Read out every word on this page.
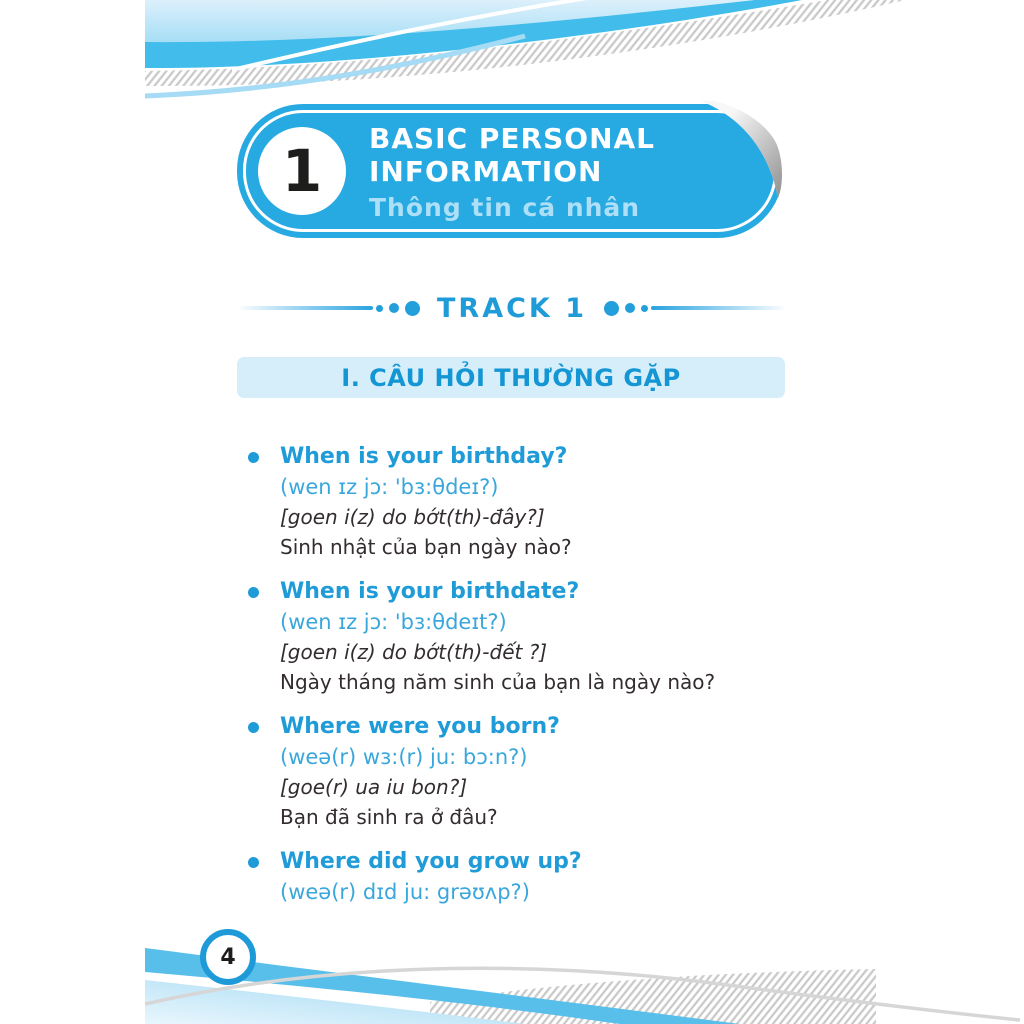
1 BASIC PERSONAL
INFORMATION
Thông tin cá nhân
TRACK 1
I. CÂU HỎI THƯỜNG GẶP
When is your birthday?
(wen ɪz jɔ: 'bɜ:θdeɪ?)
[goen i(z) do bớt(th)-đây?]
Sinh nhật của bạn ngày nào?
When is your birthdate?
(wen ɪz jɔ: 'bɜ:θdeɪt?)
[goen i(z) do bớt(th)-đết ?]
Ngày tháng năm sinh của bạn là ngày nào?
Where were you born?
(weə(r) wɜ:(r) ju: bɔ:n?)
[goe(r) ua iu bon?]
Bạn đã sinh ra ở đâu?
Where did you grow up?
(weə(r) dɪd ju: grəʊʌp?)
4
